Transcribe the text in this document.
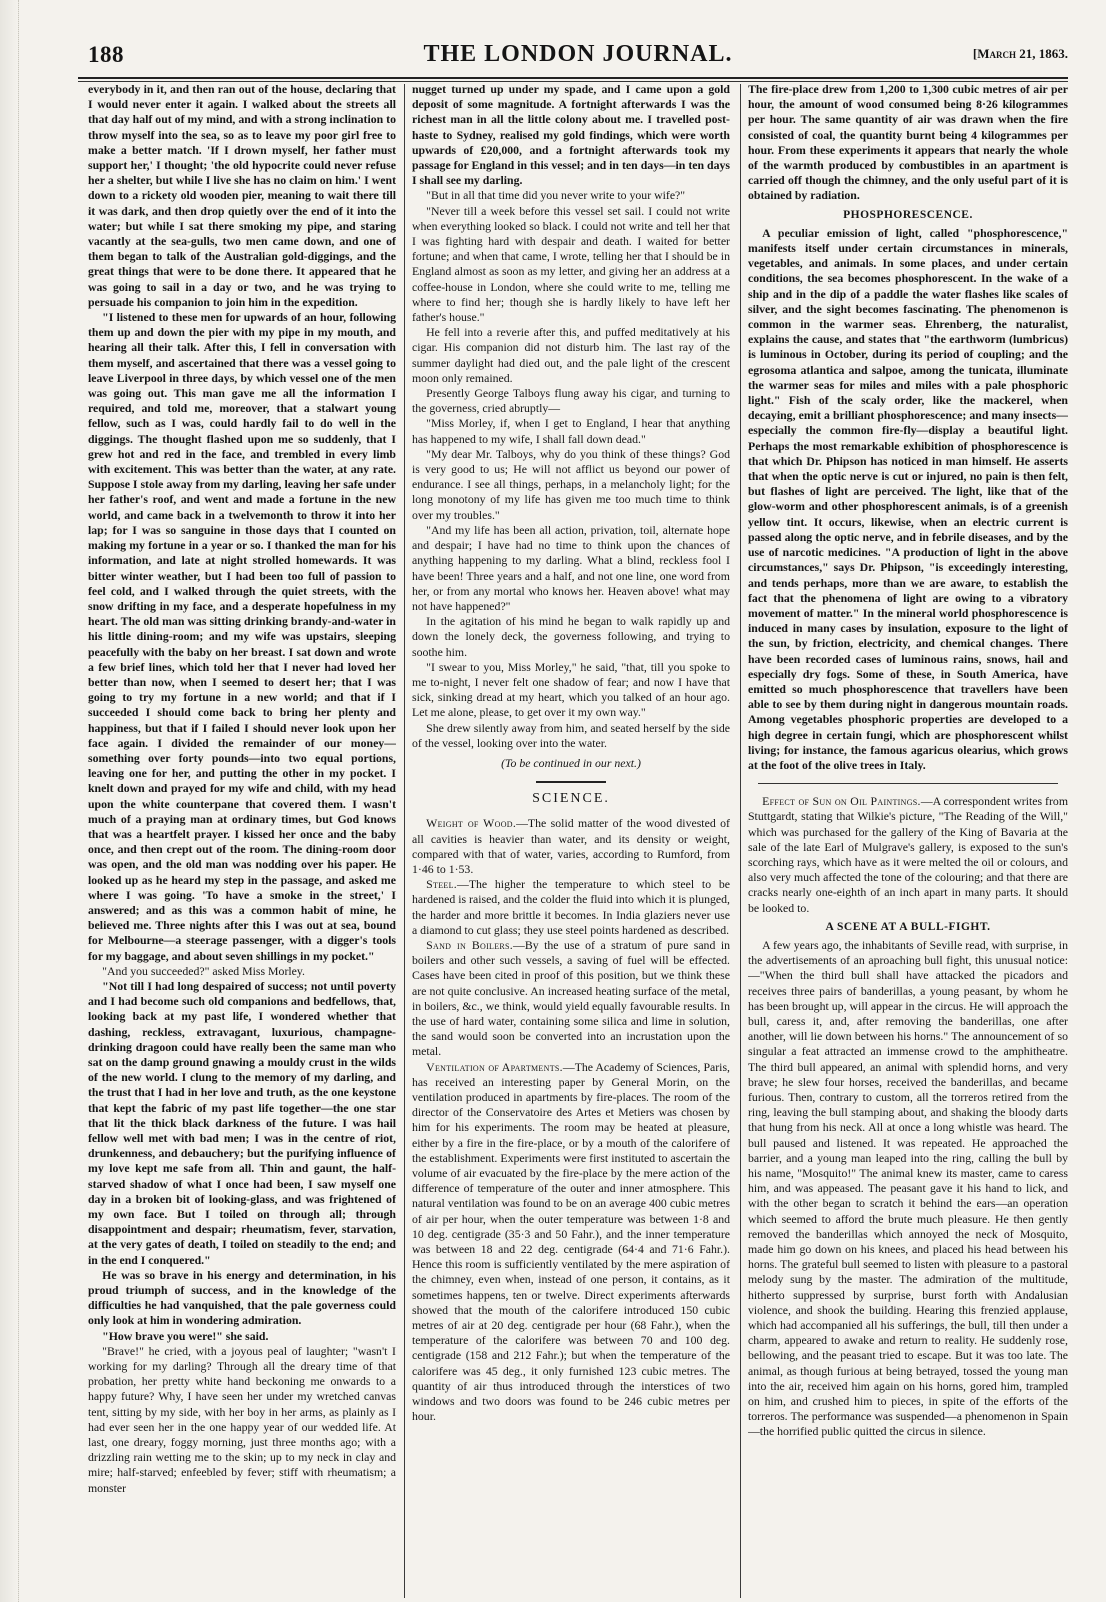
188	THE LONDON JOURNAL.	[March 21, 1863.

everybody in it, and then ran out of the house, declaring that I would never enter it again. I walked about the streets all that day half out of my mind, and with a strong inclination to throw myself into the sea, so as to leave my poor girl free to make a better match. 'If I drown myself, her father must support her,' I thought; 'the old hypocrite could never refuse her a shelter, but while I live she has no claim on him.' I went down to a rickety old wooden pier, meaning to wait there till it was dark, and then drop quietly over the end of it into the water; but while I sat there smoking my pipe, and staring vacantly at the sea-gulls, two men came down, and one of them began to talk of the Australian gold-diggings, and the great things that were to be done there. It appeared that he was going to sail in a day or two, and he was trying to persuade his companion to join him in the expedition.

"I listened to these men for upwards of an hour, following them up and down the pier with my pipe in my mouth, and hearing all their talk. After this, I fell in conversation with them myself, and ascertained that there was a vessel going to leave Liverpool in three days, by which vessel one of the men was going out. This man gave me all the information I required, and told me, moreover, that a stalwart young fellow, such as I was, could hardly fail to do well in the diggings. The thought flashed upon me so suddenly, that I grew hot and red in the face, and trembled in every limb with excitement. This was better than the water, at any rate. Suppose I stole away from my darling, leaving her safe under her father's roof, and went and made a fortune in the new world, and came back in a twelvemonth to throw it into her lap; for I was so sanguine in those days that I counted on making my fortune in a year or so. I thanked the man for his information, and late at night strolled homewards. It was bitter winter weather, but I had been too full of passion to feel cold, and I walked through the quiet streets, with the snow drifting in my face, and a desperate hopefulness in my heart. The old man was sitting drinking brandy-and-water in his little dining-room; and my wife was upstairs, sleeping peacefully with the baby on her breast. I sat down and wrote a few brief lines, which told her that I never had loved her better than now, when I seemed to desert her; that I was going to try my fortune in a new world; and that if I succeeded I should come back to bring her plenty and happiness, but that if I failed I should never look upon her face again. I divided the remainder of our money—something over forty pounds—into two equal portions, leaving one for her, and putting the other in my pocket. I knelt down and prayed for my wife and child, with my head upon the white counterpane that covered them. I wasn't much of a praying man at ordinary times, but God knows that was a heartfelt prayer. I kissed her once and the baby once, and then crept out of the room. The dining-room door was open, and the old man was nodding over his paper. He looked up as he heard my step in the passage, and asked me where I was going. 'To have a smoke in the street,' I answered; and as this was a common habit of mine, he believed me. Three nights after this I was out at sea, bound for Melbourne—a steerage passenger, with a digger's tools for my baggage, and about seven shillings in my pocket."

"And you succeeded?" asked Miss Morley.

"Not till I had long despaired of success; not until poverty and I had become such old companions and bedfellows, that, looking back at my past life, I wondered whether that dashing, reckless, extravagant, luxurious, champagne-drinking dragoon could have really been the same man who sat on the damp ground gnawing a mouldy crust in the wilds of the new world. I clung to the memory of my darling, and the trust that I had in her love and truth, as the one keystone that kept the fabric of my past life together—the one star that lit the thick black darkness of the future. I was hail fellow well met with bad men; I was in the centre of riot, drunkenness, and debauchery; but the purifying influence of my love kept me safe from all. Thin and gaunt, the half-starved shadow of what I once had been, I saw myself one day in a broken bit of looking-glass, and was frightened of my own face. But I toiled on through all; through disappointment and despair; rheumatism, fever, starvation, at the very gates of death, I toiled on steadily to the end; and in the end I conquered."

He was so brave in his energy and determination, in his proud triumph of success, and in the knowledge of the difficulties he had vanquished, that the pale governess could only look at him in wondering admiration.

"How brave you were!" she said.

"Brave!" he cried, with a joyous peal of laughter; "wasn't I working for my darling? Through all the dreary time of that probation, her pretty white hand beckoning me onwards to a happy future? Why, I have seen her under my wretched canvas tent, sitting by my side, with her boy in her arms, as plainly as I had ever seen her in the one happy year of our wedded life. At last, one dreary, foggy morning, just three months ago; with a drizzling rain wetting me to the skin; up to my neck in clay and mire; half-starved; enfeebled by fever; stiff with rheumatism; a monster

nugget turned up under my spade, and I came upon a gold deposit of some magnitude. A fortnight afterwards I was the richest man in all the little colony about me. I travelled post-haste to Sydney, realised my gold findings, which were worth upwards of £20,000, and a fortnight afterwards took my passage for England in this vessel; and in ten days—in ten days I shall see my darling.

"But in all that time did you never write to your wife?"

"Never till a week before this vessel set sail. I could not write when everything looked so black. I could not write and tell her that I was fighting hard with despair and death. I waited for better fortune; and when that came, I wrote, telling her that I should be in England almost as soon as my letter, and giving her an address at a coffee-house in London, where she could write to me, telling me where to find her; though she is hardly likely to have left her father's house."

He fell into a reverie after this, and puffed meditatively at his cigar. His companion did not disturb him. The last ray of the summer daylight had died out, and the pale light of the crescent moon only remained.

Presently George Talboys flung away his cigar, and turning to the governess, cried abruptly—

"Miss Morley, if, when I get to England, I hear that anything has happened to my wife, I shall fall down dead."

"My dear Mr. Talboys, why do you think of these things? God is very good to us; He will not afflict us beyond our power of endurance. I see all things, perhaps, in a melancholy light; for the long monotony of my life has given me too much time to think over my troubles."

"And my life has been all action, privation, toil, alternate hope and despair; I have had no time to think upon the chances of anything happening to my darling. What a blind, reckless fool I have been! Three years and a half, and not one line, one word from her, or from any mortal who knows her. Heaven above! what may not have happened?"

In the agitation of his mind he began to walk rapidly up and down the lonely deck, the governess following, and trying to soothe him.

"I swear to you, Miss Morley," he said, "that, till you spoke to me to-night, I never felt one shadow of fear; and now I have that sick, sinking dread at my heart, which you talked of an hour ago. Let me alone, please, to get over it my own way."

She drew silently away from him, and seated herself by the side of the vessel, looking over into the water.

(To be continued in our next.)
SCIENCE.

Weight of Wood.—The solid matter of the wood divested of all cavities is heavier than water, and its density or weight, compared with that of water, varies, according to Rumford, from 1·46 to 1·53.

Steel.—The higher the temperature to which steel to be hardened is raised, and the colder the fluid into which it is plunged, the harder and more brittle it becomes. In India glaziers never use a diamond to cut glass; they use steel points hardened as described.

Sand in Boilers.—By the use of a stratum of pure sand in boilers and other such vessels, a saving of fuel will be effected. Cases have been cited in proof of this position, but we think these are not quite conclusive. An increased heating surface of the metal, in boilers, &c., we think, would yield equally favourable results. In the use of hard water, containing some silica and lime in solution, the sand would soon be converted into an incrustation upon the metal.

Ventilation of Apartments.—The Academy of Sciences, Paris, has received an interesting paper by General Morin, on the ventilation produced in apartments by fire-places. The room of the director of the Conservatoire des Artes et Metiers was chosen by him for his experiments. The room may be heated at pleasure, either by a fire in the fire-place, or by a mouth of the calorifere of the establishment. Experiments were first instituted to ascertain the volume of air evacuated by the fire-place by the mere action of the difference of temperature of the outer and inner atmosphere. This natural ventilation was found to be on an average 400 cubic metres of air per hour, when the outer temperature was between 1·8 and 10 deg. centigrade (35·3 and 50 Fahr.), and the inner temperature was between 18 and 22 deg. centigrade (64·4 and 71·6 Fahr.). Hence this room is sufficiently ventilated by the mere aspiration of the chimney, even when, instead of one person, it contains, as it sometimes happens, ten or twelve. Direct experiments afterwards showed that the mouth of the calorifere introduced 150 cubic metres of air at 20 deg. centigrade per hour (68 Fahr.), when the temperature of the calorifere was between 70 and 100 deg. centigrade (158 and 212 Fahr.); but when the temperature of the calorifere was 45 deg., it only furnished 123 cubic metres. The quantity of air thus introduced through the interstices of two windows and two doors was found to be 246 cubic metres per hour.

The fire-place drew from 1,200 to 1,300 cubic metres of air per hour, the amount of wood consumed being 8·26 kilogrammes per hour. The same quantity of air was drawn when the fire consisted of coal, the quantity burnt being 4 kilogrammes per hour. From these experiments it appears that nearly the whole of the warmth produced by combustibles in an apartment is carried off though the chimney, and the only useful part of it is obtained by radiation.

PHOSPHORESCENCE.

A peculiar emission of light, called "phosphorescence," manifests itself under certain circumstances in minerals, vegetables, and animals. In some places, and under certain conditions, the sea becomes phosphorescent. In the wake of a ship and in the dip of a paddle the water flashes like scales of silver, and the sight becomes fascinating. The phenomenon is common in the warmer seas. Ehrenberg, the naturalist, explains the cause, and states that "the earthworm (lumbricus) is luminous in October, during its period of coupling; and the egrosoma atlantica and salpoe, among the tunicata, illuminate the warmer seas for miles and miles with a pale phosphoric light." Fish of the scaly order, like the mackerel, when decaying, emit a brilliant phosphorescence; and many insects—especially the common fire-fly—display a beautiful light. Perhaps the most remarkable exhibition of phosphorescence is that which Dr. Phipson has noticed in man himself. He asserts that when the optic nerve is cut or injured, no pain is then felt, but flashes of light are perceived. The light, like that of the glow-worm and other phosphorescent animals, is of a greenish yellow tint. It occurs, likewise, when an electric current is passed along the optic nerve, and in febrile diseases, and by the use of narcotic medicines. "A production of light in the above circumstances," says Dr. Phipson, "is exceedingly interesting, and tends perhaps, more than we are aware, to establish the fact that the phenomena of light are owing to a vibratory movement of matter." In the mineral world phosphorescence is induced in many cases by insulation, exposure to the light of the sun, by friction, electricity, and chemical changes. There have been recorded cases of luminous rains, snows, hail and especially dry fogs. Some of these, in South America, have emitted so much phosphorescence that travellers have been able to see by them during night in dangerous mountain roads. Among vegetables phosphoric properties are developed to a high degree in certain fungi, which are phosphorescent whilst living; for instance, the famous agaricus olearius, which grows at the foot of the olive trees in Italy.

Effect of Sun on Oil Paintings.—A correspondent writes from Stuttgardt, stating that Wilkie's picture, "The Reading of the Will," which was purchased for the gallery of the King of Bavaria at the sale of the late Earl of Mulgrave's gallery, is exposed to the sun's scorching rays, which have as it were melted the oil or colours, and also very much affected the tone of the colouring; and that there are cracks nearly one-eighth of an inch apart in many parts. It should be looked to.

A SCENE AT A BULL-FIGHT.

A few years ago, the inhabitants of Seville read, with surprise, in the advertisements of an aproaching bull fight, this unusual notice:—"When the third bull shall have attacked the picadors and receives three pairs of banderillas, a young peasant, by whom he has been brought up, will appear in the circus. He will approach the bull, caress it, and, after removing the banderillas, one after another, will lie down between his horns." The announcement of so singular a feat attracted an immense crowd to the amphitheatre. The third bull appeared, an animal with splendid horns, and very brave; he slew four horses, received the banderillas, and became furious. Then, contrary to custom, all the torreros retired from the ring, leaving the bull stamping about, and shaking the bloody darts that hung from his neck. All at once a long whistle was heard. The bull paused and listened. It was repeated. He approached the barrier, and a young man leaped into the ring, calling the bull by his name, "Mosquito!" The animal knew its master, came to caress him, and was appeased. The peasant gave it his hand to lick, and with the other began to scratch it behind the ears—an operation which seemed to afford the brute much pleasure. He then gently removed the banderillas which annoyed the neck of Mosquito, made him go down on his knees, and placed his head between his horns. The grateful bull seemed to listen with pleasure to a pastoral melody sung by the master. The admiration of the multitude, hitherto suppressed by surprise, burst forth with Andalusian violence, and shook the building. Hearing this frenzied applause, which had accompanied all his sufferings, the bull, till then under a charm, appeared to awake and return to reality. He suddenly rose, bellowing, and the peasant tried to escape. But it was too late. The animal, as though furious at being betrayed, tossed the young man into the air, received him again on his horns, gored him, trampled on him, and crushed him to pieces, in spite of the efforts of the torreros. The performance was suspended—a phenomenon in Spain—the horrified public quitted the circus in silence.
